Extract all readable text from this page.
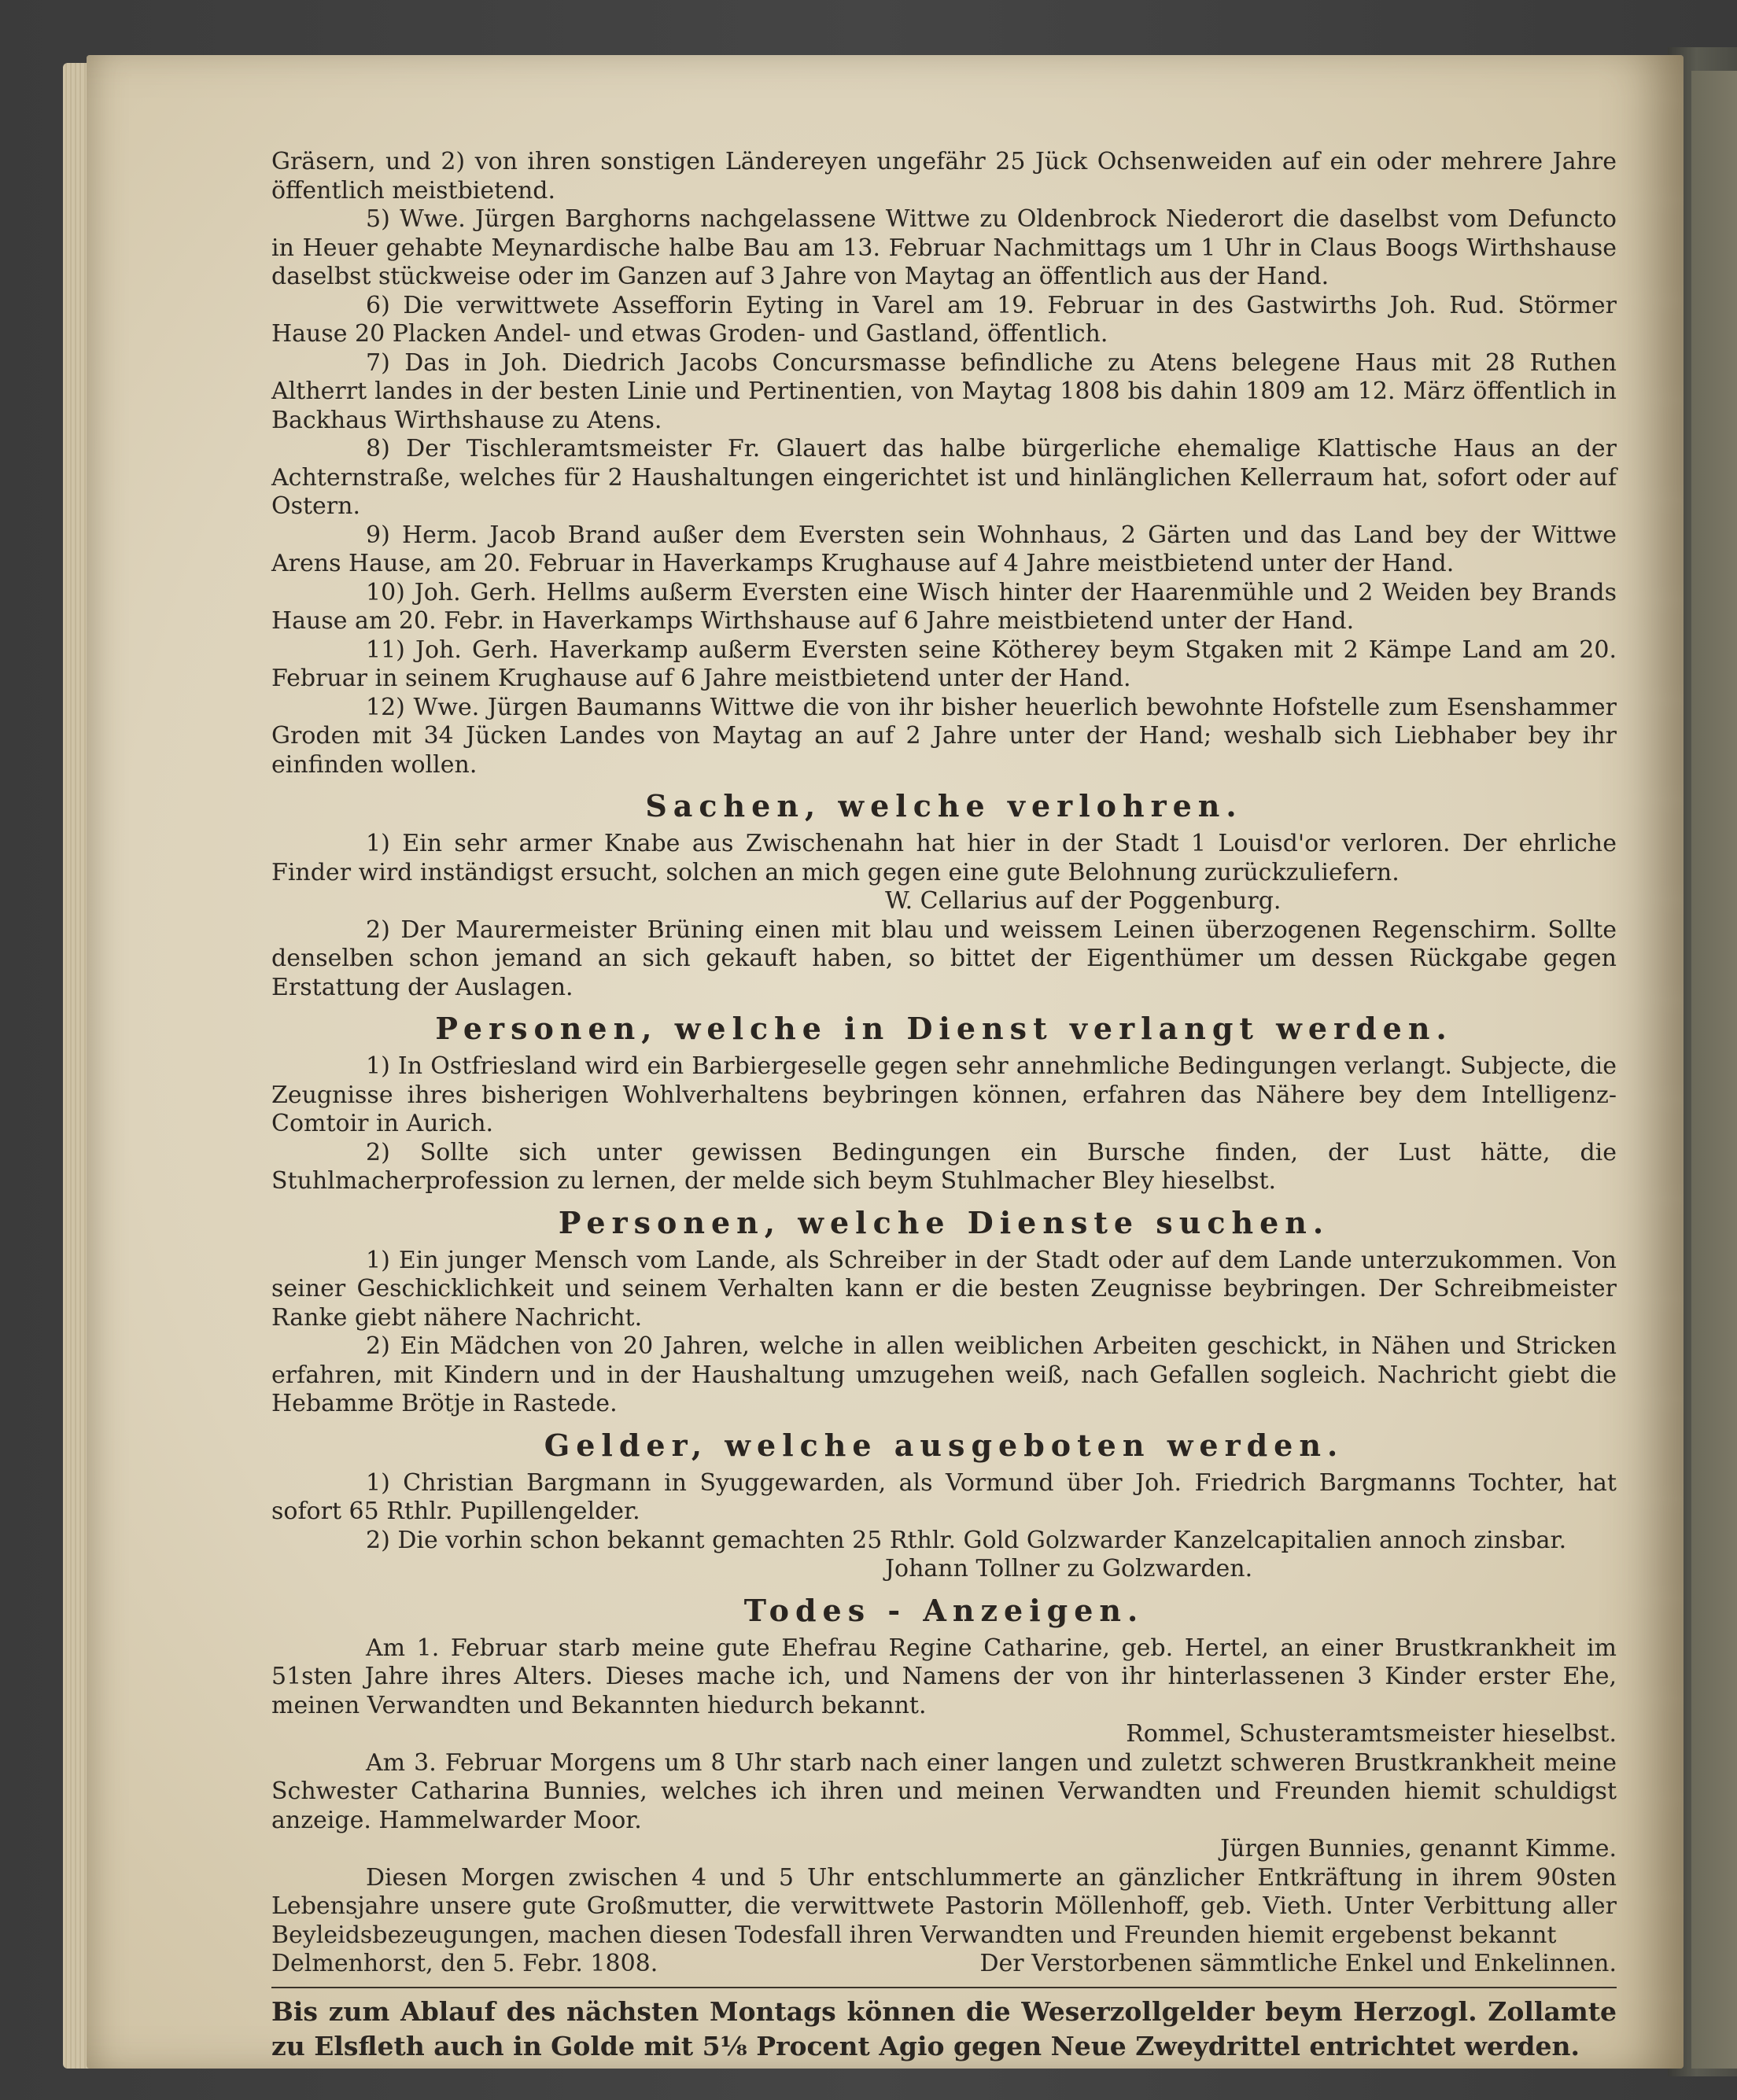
Gräsern, und 2) von ihren sonstigen Ländereyen ungefähr 25 Jück Ochsenweiden auf ein oder mehrere Jahre öffentlich meistbietend.

5) Wwe. Jürgen Barghorns nachgelassene Wittwe zu Oldenbrock Niederort die daselbst vom Defuncto in Heuer gehabte Meynardische halbe Bau am 13. Februar Nachmittags um 1 Uhr in Claus Boogs Wirthshause daselbst stückweise oder im Ganzen auf 3 Jahre von Maytag an öffentlich aus der Hand.

6) Die verwittwete Assefforin Eyting in Varel am 19. Februar in des Gastwirths Joh. Rud. Störmer Hause 20 Placken Andel- und etwas Groden- und Gastland, öffentlich.

7) Das in Joh. Diedrich Jacobs Concursmasse befindliche zu Atens belegene Haus mit 28 Ruthen Altherrt landes in der besten Linie und Pertinentien, von Maytag 1808 bis dahin 1809 am 12. März öffentlich in Backhaus Wirthshause zu Atens.

8) Der Tischleramtsmeister Fr. Glauert das halbe bürgerliche ehemalige Klattische Haus an der Achternstraße, welches für 2 Haushaltungen eingerichtet ist und hinlänglichen Kellerraum hat, sofort oder auf Ostern.

9) Herm. Jacob Brand außer dem Eversten sein Wohnhaus, 2 Gärten und das Land bey der Wittwe Arens Hause, am 20. Februar in Haverkamps Krughause auf 4 Jahre meistbietend unter der Hand.

10) Joh. Gerh. Hellms außerm Eversten eine Wisch hinter der Haarenmühle und 2 Weiden bey Brands Hause am 20. Febr. in Haverkamps Wirthshause auf 6 Jahre meistbietend unter der Hand.

11) Joh. Gerh. Haverkamp außerm Eversten seine Kötherey beym Stgaken mit 2 Kämpe Land am 20. Februar in seinem Krughause auf 6 Jahre meistbietend unter der Hand.

12) Wwe. Jürgen Baumanns Wittwe die von ihr bisher heuerlich bewohnte Hofstelle zum Esenshammer Groden mit 34 Jücken Landes von Maytag an auf 2 Jahre unter der Hand; weshalb sich Liebhaber bey ihr einfinden wollen.

Sachen, welche verlohren.

1) Ein sehr armer Knabe aus Zwischenahn hat hier in der Stadt 1 Louisd'or verloren. Der ehrliche Finder wird inständigst ersucht, solchen an mich gegen eine gute Belohnung zurückzuliefern.

W. Cellarius auf der Poggenburg.

2) Der Maurermeister Brüning einen mit blau und weissem Leinen überzogenen Regenschirm. Sollte denselben schon jemand an sich gekauft haben, so bittet der Eigenthümer um dessen Rückgabe gegen Erstattung der Auslagen.

Personen, welche in Dienst verlangt werden.

1) In Ostfriesland wird ein Barbiergeselle gegen sehr annehmliche Bedingungen verlangt. Subjecte, die Zeugnisse ihres bisherigen Wohlverhaltens beybringen können, erfahren das Nähere bey dem Intelligenz-Comtoir in Aurich.

2) Sollte sich unter gewissen Bedingungen ein Bursche finden, der Lust hätte, die Stuhlmacherprofession zu lernen, der melde sich beym Stuhlmacher Bley hieselbst.

Personen, welche Dienste suchen.

1) Ein junger Mensch vom Lande, als Schreiber in der Stadt oder auf dem Lande unterzukommen. Von seiner Geschicklichkeit und seinem Verhalten kann er die besten Zeugnisse beybringen. Der Schreibmeister Ranke giebt nähere Nachricht.

2) Ein Mädchen von 20 Jahren, welche in allen weiblichen Arbeiten geschickt, in Nähen und Stricken erfahren, mit Kindern und in der Haushaltung umzugehen weiß, nach Gefallen sogleich. Nachricht giebt die Hebamme Brötje in Rastede.

Gelder, welche ausgeboten werden.

1) Christian Bargmann in Syuggewarden, als Vormund über Joh. Friedrich Bargmanns Tochter, hat sofort 65 Rthlr. Pupillengelder.

2) Die vorhin schon bekannt gemachten 25 Rthlr. Gold Golzwarder Kanzelcapitalien annoch zinsbar.

Johann Tollner zu Golzwarden.

Todes - Anzeigen.

Am 1. Februar starb meine gute Ehefrau Regine Catharine, geb. Hertel, an einer Brustkrankheit im 51sten Jahre ihres Alters. Dieses mache ich, und Namens der von ihr hinterlassenen 3 Kinder erster Ehe, meinen Verwandten und Bekannten hiedurch bekannt.

Rommel, Schusteramtsmeister hieselbst.

Am 3. Februar Morgens um 8 Uhr starb nach einer langen und zuletzt schweren Brustkrankheit meine Schwester Catharina Bunnies, welches ich ihren und meinen Verwandten und Freunden hiemit schuldigst anzeige. Hammelwarder Moor.

Jürgen Bunnies, genannt Kimme.

Diesen Morgen zwischen 4 und 5 Uhr entschlummerte an gänzlicher Entkräftung in ihrem 90sten Lebensjahre unsere gute Großmutter, die verwittwete Pastorin Möllenhoff, geb. Vieth. Unter Verbittung aller Beyleidsbezeugungen, machen diesen Todesfall ihren Verwandten und Freunden hiemit ergebenst bekannt

Delmenhorst, den 5. Febr. 1808.	Der Verstorbenen sämmtliche Enkel und Enkelinnen.

Bis zum Ablauf des nächsten Montags können die Weserzollgelder beym Herzogl. Zollamte zu Elsfleth auch in Golde mit 5⅛ Procent Agio gegen Neue Zweydrittel entrichtet werden.
